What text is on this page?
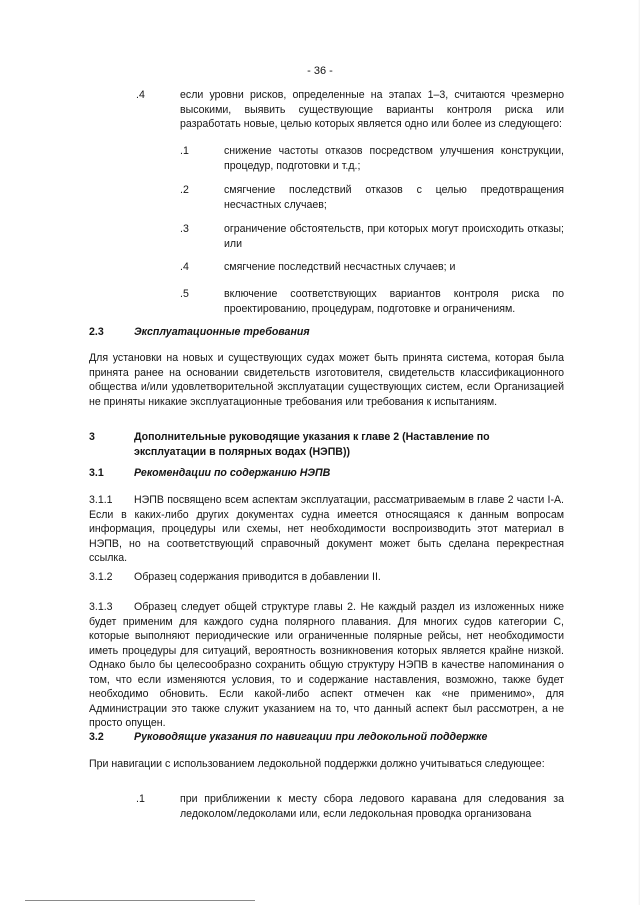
- 36 -
.4	если уровни рисков, определенные на этапах 1–3, считаются чрезмерно высокими, выявить существующие варианты контроля риска или разработать новые, целью которых является одно или более из следующего:
.1	снижение частоты отказов посредством улучшения конструкции, процедур, подготовки и т.д.;
.2	смягчение последствий отказов с целью предотвращения несчастных случаев;
.3	ограничение обстоятельств, при которых могут происходить отказы; или
.4	смягчение последствий несчастных случаев; и
.5	включение соответствующих вариантов контроля риска по проектированию, процедурам, подготовке и ограничениям.
2.3	Эксплуатационные требования
Для установки на новых и существующих судах может быть принята система, которая была принята ранее на основании свидетельств изготовителя, свидетельств классификационного общества и/или удовлетворительной эксплуатации существующих систем, если Организацией не приняты никакие эксплуатационные требования или требования к испытаниям.
3	Дополнительные руководящие указания к главе 2 (Наставление по эксплуатации в полярных водах (НЭПВ))
3.1	Рекомендации по содержанию НЭПВ
3.1.1 НЭПВ посвящено всем аспектам эксплуатации, рассматриваемым в главе 2 части I-A. Если в каких-либо других документах судна имеется относящаяся к данным вопросам информация, процедуры или схемы, нет необходимости воспроизводить этот материал в НЭПВ, но на соответствующий справочный документ может быть сделана перекрестная ссылка.
3.1.2 Образец содержания приводится в добавлении II.
3.1.3 Образец следует общей структуре главы 2. Не каждый раздел из изложенных ниже будет применим для каждого судна полярного плавания. Для многих судов категории С, которые выполняют периодические или ограниченные полярные рейсы, нет необходимости иметь процедуры для ситуаций, вероятность возникновения которых является крайне низкой. Однако было бы целесообразно сохранить общую структуру НЭПВ в качестве напоминания о том, что если изменяются условия, то и содержание наставления, возможно, также будет необходимо обновить. Если какой-либо аспект отмечен как «не применимо», для Администрации это также служит указанием на то, что данный аспект был рассмотрен, а не просто опущен.
3.2	Руководящие указания по навигации при ледокольной поддержке
При навигации с использованием ледокольной поддержки должно учитываться следующее:
.1	при приближении к месту сбора ледового каравана для следования за ледоколом/ледоколами или, если ледокольная проводка организована
